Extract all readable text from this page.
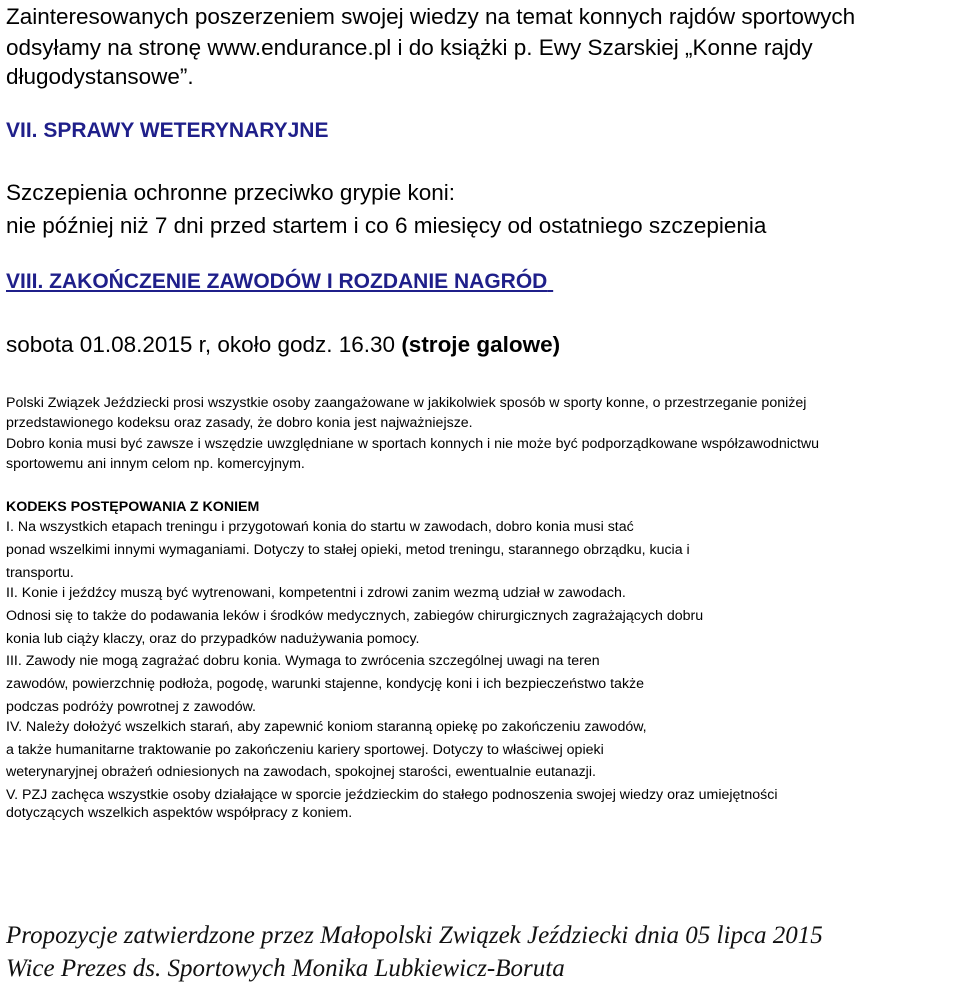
Zainteresowanych poszerzeniem swojej wiedzy na temat konnych rajdów sportowych
odsyłamy na stronę www.endurance.pl i do książki p. Ewy Szarskiej „Konne rajdy
długodystansowe”.
VII. SPRAWY WETERYNARYJNE
Szczepienia ochronne przeciwko grypie koni:
nie później niż 7 dni przed startem i co 6 miesięcy od ostatniego szczepienia
VIII. ZAKOŃCZENIE ZAWODÓW I ROZDANIE NAGRÓD
sobota 01.08.2015 r, około godz. 16.30 (stroje galowe)
Polski Związek Jeździecki prosi wszystkie osoby zaangażowane w jakikolwiek sposób w sporty konne, o przestrzeganie poniżej
przedstawionego kodeksu oraz zasady, że dobro konia jest najważniejsze.
Dobro konia musi być zawsze i wszędzie uwzględniane w sportach konnych i nie może być podporządkowane współzawodnictwu
sportowemu ani innym celom np. komercyjnym.
KODEKS POSTĘPOWANIA Z KONIEM
I. Na wszystkich etapach treningu i przygotowań konia do startu w zawodach, dobro konia musi stać
ponad wszelkimi innymi wymaganiami. Dotyczy to stałej opieki, metod treningu, starannego obrządku, kucia i
transportu.
II. Konie i jeźdźcy muszą być wytrenowani, kompetentni i zdrowi zanim wezmą udział w zawodach.
Odnosi się to także do podawania leków i środków medycznych, zabiegów chirurgicznych zagrażających dobru
konia lub ciąży klaczy, oraz do przypadków nadużywania pomocy.
III. Zawody nie mogą zagrażać dobru konia. Wymaga to zwrócenia szczególnej uwagi na teren
zawodów, powierzchnię podłoża, pogodę, warunki stajenne, kondycję koni i ich bezpieczeństwo także
podczas podróży powrotnej z zawodów.
IV. Należy dołożyć wszelkich starań, aby zapewnić koniom staranną opiekę po zakończeniu zawodów,
a także humanitarne traktowanie po zakończeniu kariery sportowej. Dotyczy to właściwej opieki
weterynaryjnej obrażeń odniesionych na zawodach, spokojnej starości, ewentualnie eutanazji.
V. PZJ zachęca wszystkie osoby działające w sporcie jeździeckim do stałego podnoszenia swojej wiedzy oraz umiejętności
dotyczących wszelkich aspektów współpracy z koniem.
Propozycje zatwierdzone przez Małopolski Związek Jeździecki dnia 05 lipca 2015
Wice Prezes ds. Sportowych Monika Lubkiewicz-Boruta
